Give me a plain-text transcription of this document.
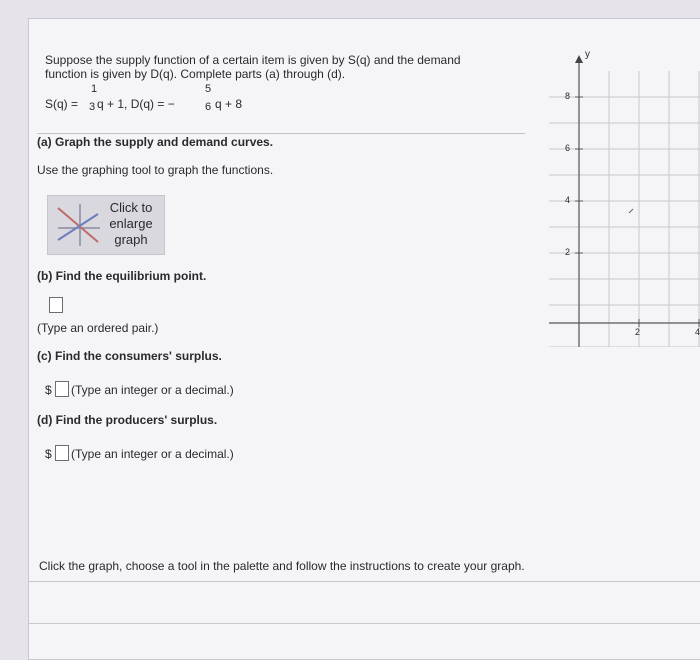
Suppose the supply function of a certain item is given by S(q) and the demand
function is given by D(q). Complete parts (a) through (d).
S(q) =
1
3 q + 1, D(q) = −
5
6 q + 8
(a) Graph the supply and demand curves.
Use the graphing tool to graph the functions.
Click to
enlarge
graph
(b) Find the equilibrium point.
(Type an ordered pair.)
(c) Find the consumers' surplus.
$ (Type an integer or a decimal.)
(d) Find the producers' surplus.
$ (Type an integer or a decimal.)
y
8
6
4
2
2	4
Click the graph, choose a tool in the palette and follow the instructions to create your graph.
